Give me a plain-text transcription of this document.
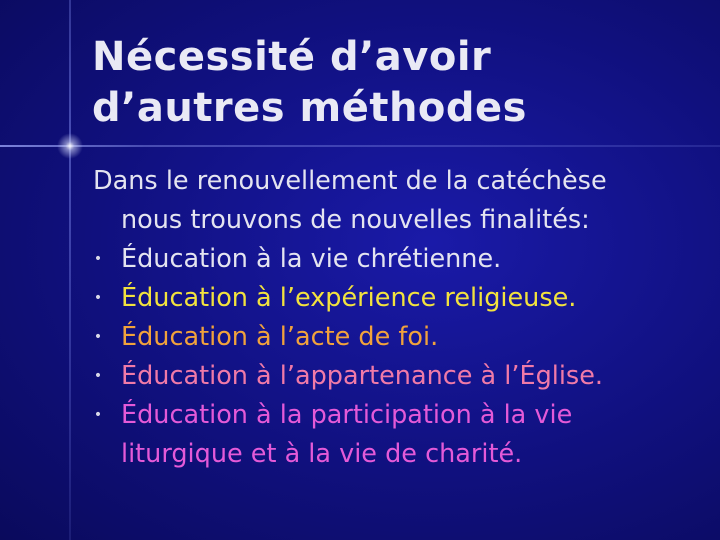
Nécessité d’avoir
d’autres méthodes
Dans le renouvellement de la catéchèse
nous trouvons de nouvelles finalités:
• Éducation à la vie chrétienne.
• Éducation à l’expérience religieuse.
• Éducation à l’acte de foi.
• Éducation à l’appartenance à l’Église.
• Éducation à la participation à la vie
liturgique et à la vie de charité.
